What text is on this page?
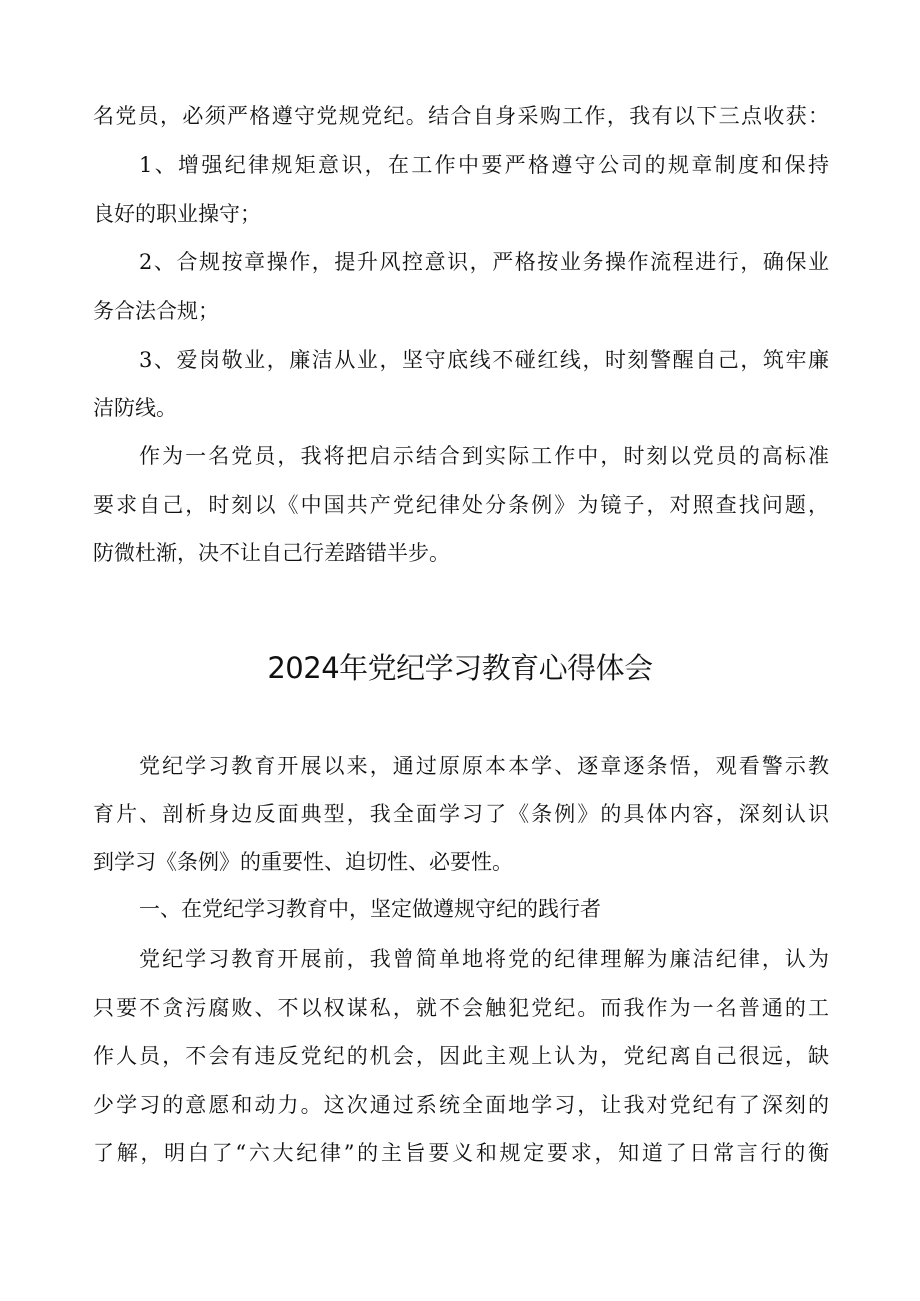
名党员，必须严格遵守党规党纪。结合自身采购工作，我有以下三点收获：

1、增强纪律规矩意识，在工作中要严格遵守公司的规章制度和保持

良好的职业操守；

2、合规按章操作，提升风控意识，严格按业务操作流程进行，确保业

务合法合规；

3、爱岗敬业，廉洁从业，坚守底线不碰红线，时刻警醒自己，筑牢廉

洁防线。

作为一名党员，我将把启示结合到实际工作中，时刻以党员的高标准

要求自己，时刻以《中国共产党纪律处分条例》为镜子，对照查找问题，

防微杜渐，决不让自己行差踏错半步。

2024年党纪学习教育心得体会

党纪学习教育开展以来，通过原原本本学、逐章逐条悟，观看警示教

育片、剖析身边反面典型，我全面学习了《条例》的具体内容，深刻认识

到学习《条例》的重要性、迫切性、必要性。

一、在党纪学习教育中，坚定做遵规守纪的践行者

党纪学习教育开展前，我曾简单地将党的纪律理解为廉洁纪律，认为

只要不贪污腐败、不以权谋私，就不会触犯党纪。而我作为一名普通的工

作人员，不会有违反党纪的机会，因此主观上认为，党纪离自己很远，缺

少学习的意愿和动力。这次通过系统全面地学习，让我对党纪有了深刻的

了解，明白了“六大纪律”的主旨要义和规定要求，知道了日常言行的衡
